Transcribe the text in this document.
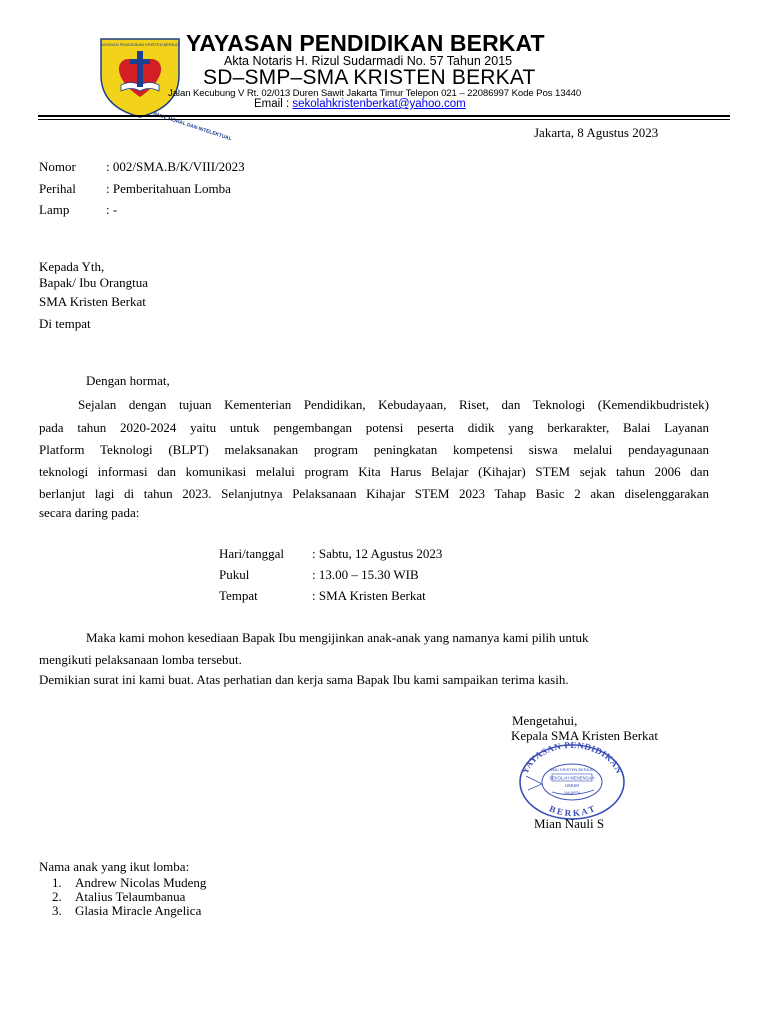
YAYASAN PENDIDIKAN KRISTEN BERKAT
IMAN, MORAL DAN INTELEKTUAL
YAYASAN PENDIDIKAN BERKAT
Akta Notaris H. Rizul Sudarmadi No. 57 Tahun 2015
SD–SMP–SMA KRISTEN BERKAT
Jalan Kecubung V Rt. 02/013 Duren Sawit Jakarta Timur Telepon 021 – 22086997 Kode Pos 13440
Email : sekolahkristenberkat@yahoo.com
Jakarta, 8 Agustus 2023
Nomor : 002/SMA.B/K/VIII/2023
Perihal : Pemberitahuan Lomba
Lamp	: -
Kepada Yth,
Bapak/ Ibu Orangtua
SMA Kristen Berkat
Di tempat
Dengan hormat,
Sejalan dengan tujuan Kementerian Pendidikan, Kebudayaan, Riset, dan Teknologi (Kemendikbudristek)
pada tahun 2020-2024 yaitu untuk pengembangan potensi peserta didik yang berkarakter, Balai Layanan
Platform Teknologi (BLPT) melaksanakan program peningkatan kompetensi siswa melalui pendayagunaan
teknologi informasi dan komunikasi melalui program Kita Harus Belajar (Kihajar) STEM sejak tahun 2006 dan
berlanjut lagi di tahun 2023. Selanjutnya Pelaksanaan Kihajar STEM 2023 Tahap Basic 2 akan diselenggarakan
secara daring pada:
Hari/tanggal : Sabtu, 12 Agustus 2023
Pukul	: 13.00 – 15.30 WIB
Tempat	: SMA Kristen Berkat
Maka kami mohon kesediaan Bapak Ibu mengijinkan anak-anak yang namanya kami pilih untuk
mengikuti pelaksanaan lomba tersebut.
Demikian surat ini kami buat. Atas perhatian dan kerja sama Bapak Ibu kami sampaikan terima kasih.
Mengetahui,
Kepala SMA Kristen Berkat
YAYASAN PENDIDIKAN
B E R K A T
SMU KRISTEN BERKAT
SEKOLAH MENENGAH
UMUM
JAKARTA
Mian Nauli S
Nama anak yang ikut lomba:
1. Andrew Nicolas Mudeng
2. Atalius Telaumbanua
3. Glasia Miracle Angelica
